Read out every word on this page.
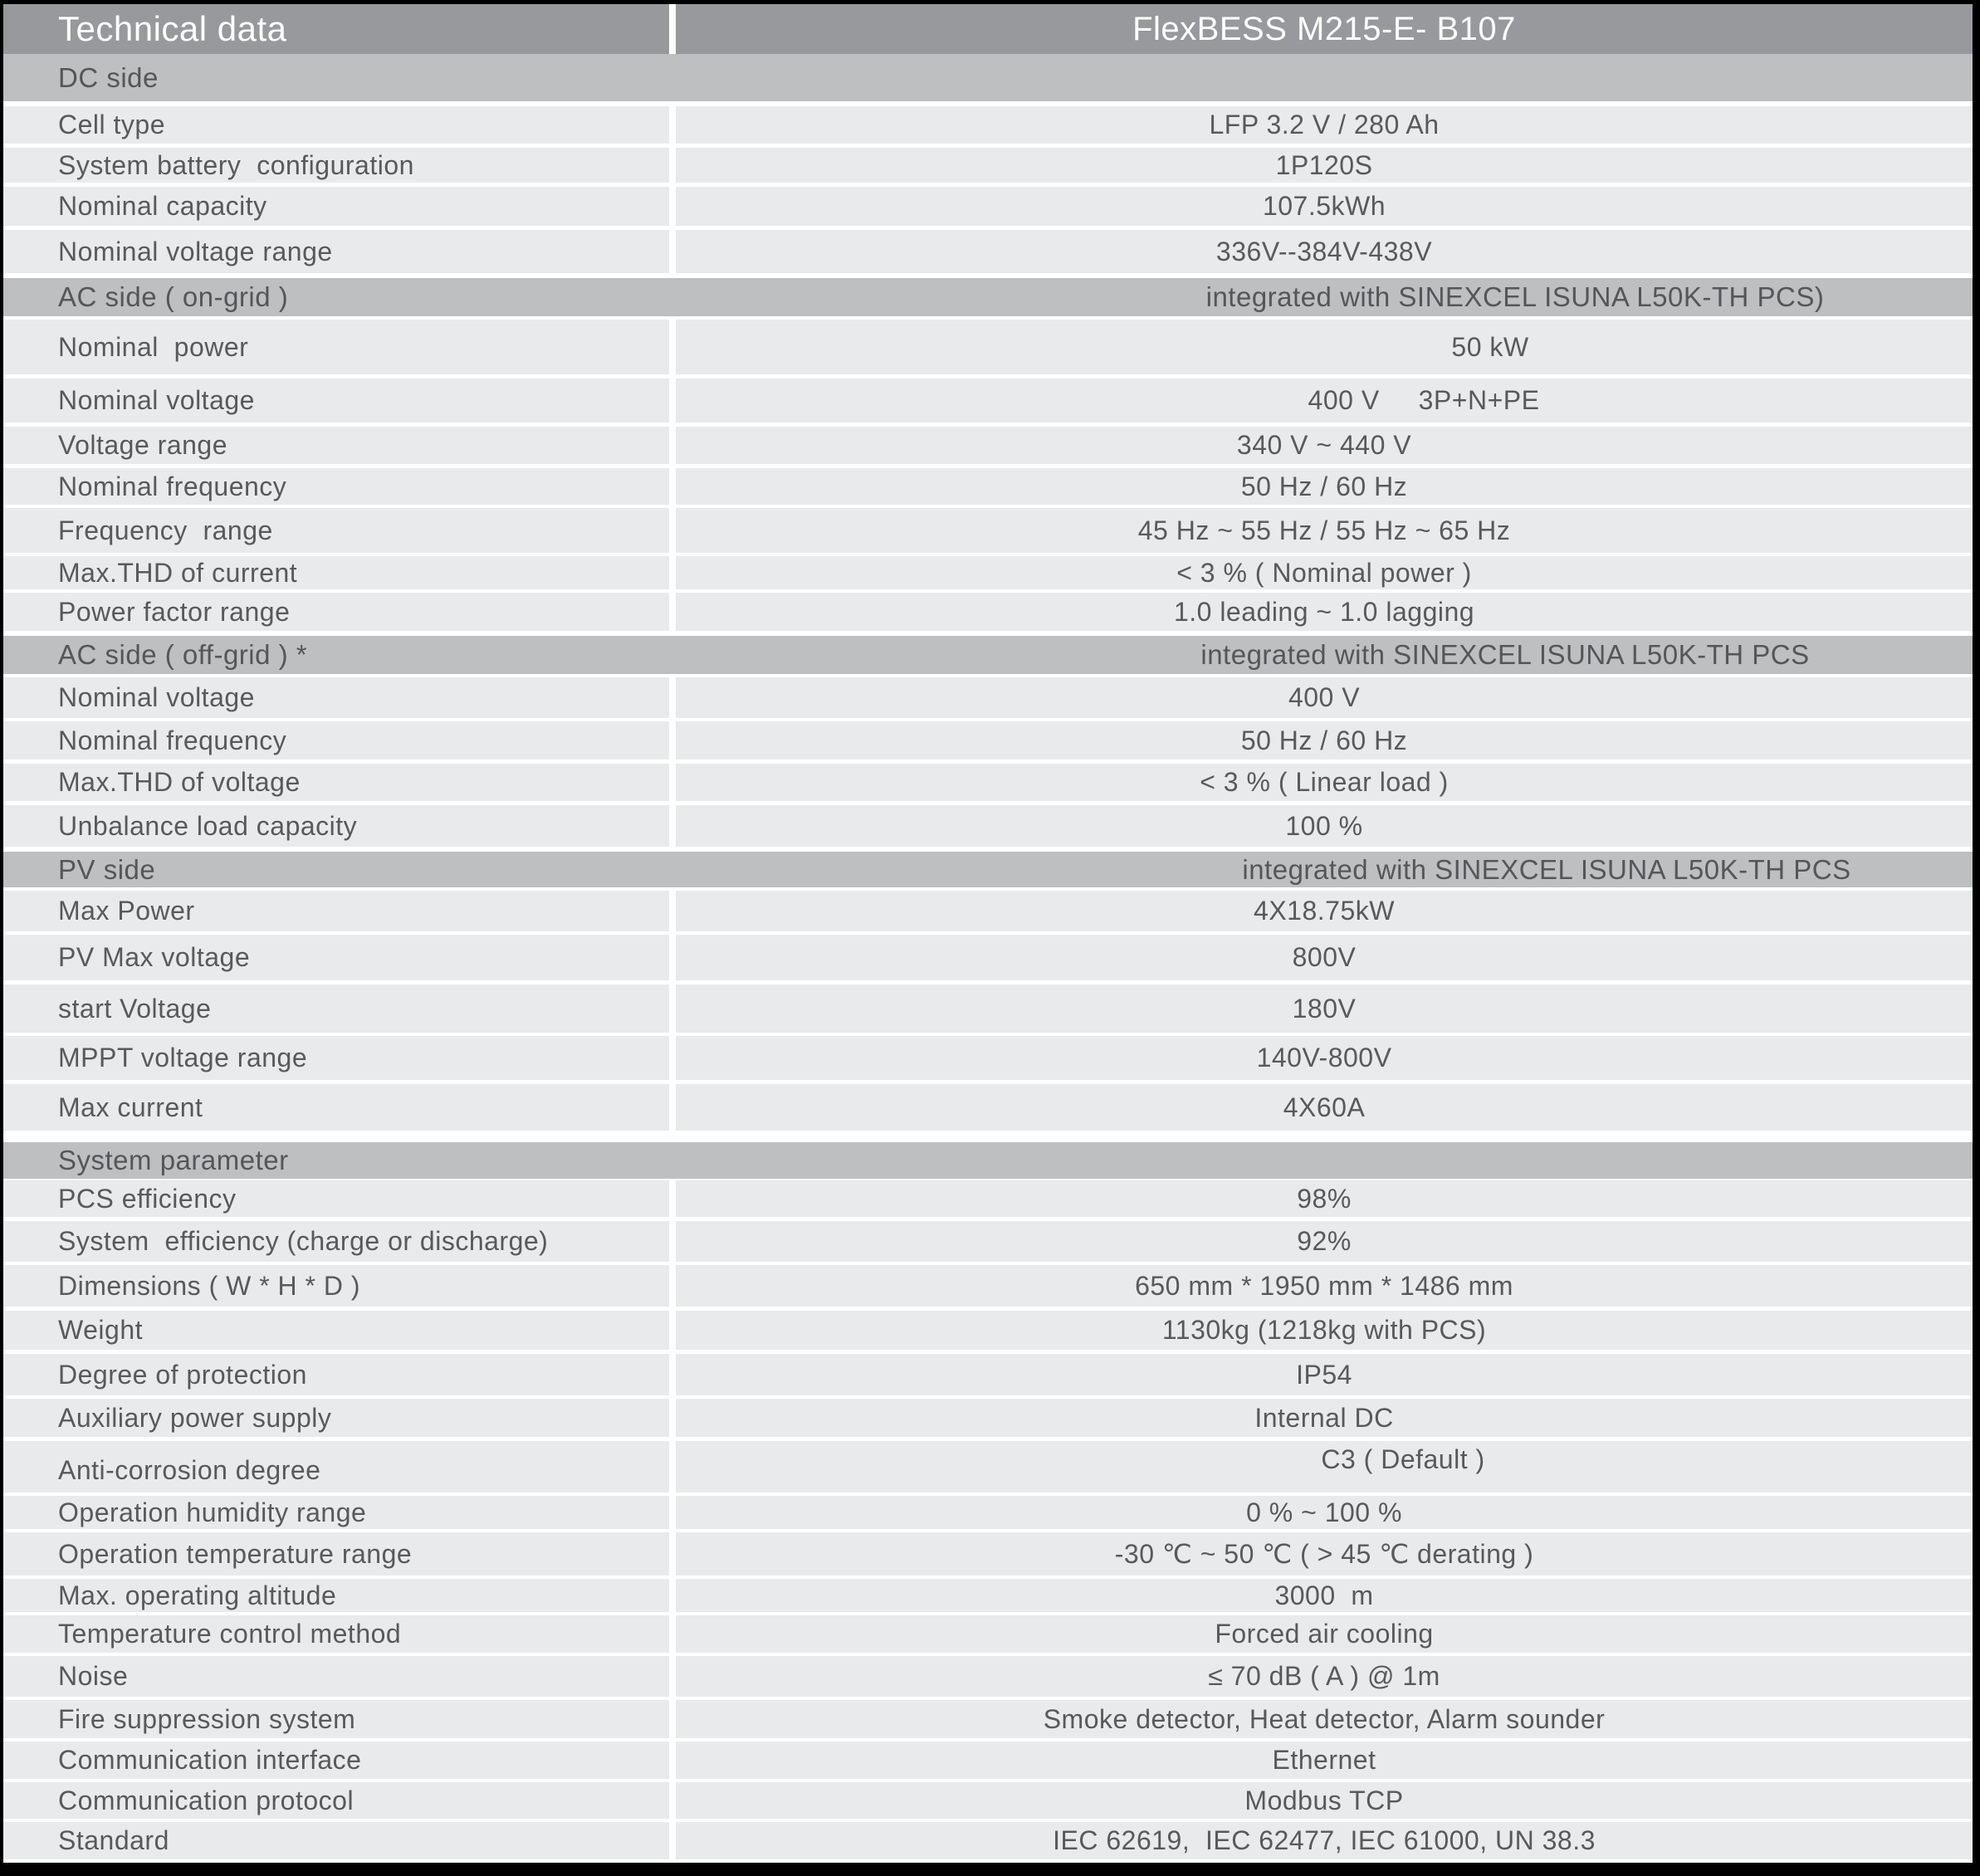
Technical data	FlexBESS M215-E- B107
DC side
Cell type	LFP 3.2 V / 280 Ah
System battery  configuration	1P120S
Nominal capacity	107.5kWh
Nominal voltage range	336V--384V-438V
AC side ( on-grid )	integrated with SINEXCEL ISUNA L50K-TH PCS)
Nominal  power	50 kW
Nominal voltage	400 V     3P+N+PE
Voltage range	340 V ~ 440 V
Nominal frequency	50 Hz / 60 Hz
Frequency  range	45 Hz ~ 55 Hz / 55 Hz ~ 65 Hz
Max.THD of current	< 3 % ( Nominal power )
Power factor range	1.0 leading ~ 1.0 lagging
AC side ( off-grid ) *	integrated with SINEXCEL ISUNA L50K-TH PCS
Nominal voltage	400 V
Nominal frequency	50 Hz / 60 Hz
Max.THD of voltage	< 3 % ( Linear load )
Unbalance load capacity	100 %
PV side	integrated with SINEXCEL ISUNA L50K-TH PCS
Max Power	4X18.75kW
PV Max voltage	800V
start Voltage	180V
MPPT voltage range	140V-800V
Max current	4X60A
System parameter
PCS efficiency	98%
System  efficiency (charge or discharge)	92%
Dimensions ( W * H * D )	650 mm * 1950 mm * 1486 mm
Weight	1130kg (1218kg with PCS)
Degree of protection	IP54
Auxiliary power supply	Internal DC
Anti-corrosion degree	C3 ( Default )
Operation humidity range	0 % ~ 100 %
Operation temperature range	-30 ℃ ~ 50 ℃ ( > 45 ℃ derating )
Max. operating altitude	3000  m
Temperature control method	Forced air cooling
Noise	≤ 70 dB ( A ) @ 1m
Fire suppression system	Smoke detector, Heat detector, Alarm sounder
Communication interface	Ethernet
Communication protocol	Modbus TCP
Standard	IEC 62619,  IEC 62477, IEC 61000, UN 38.3
